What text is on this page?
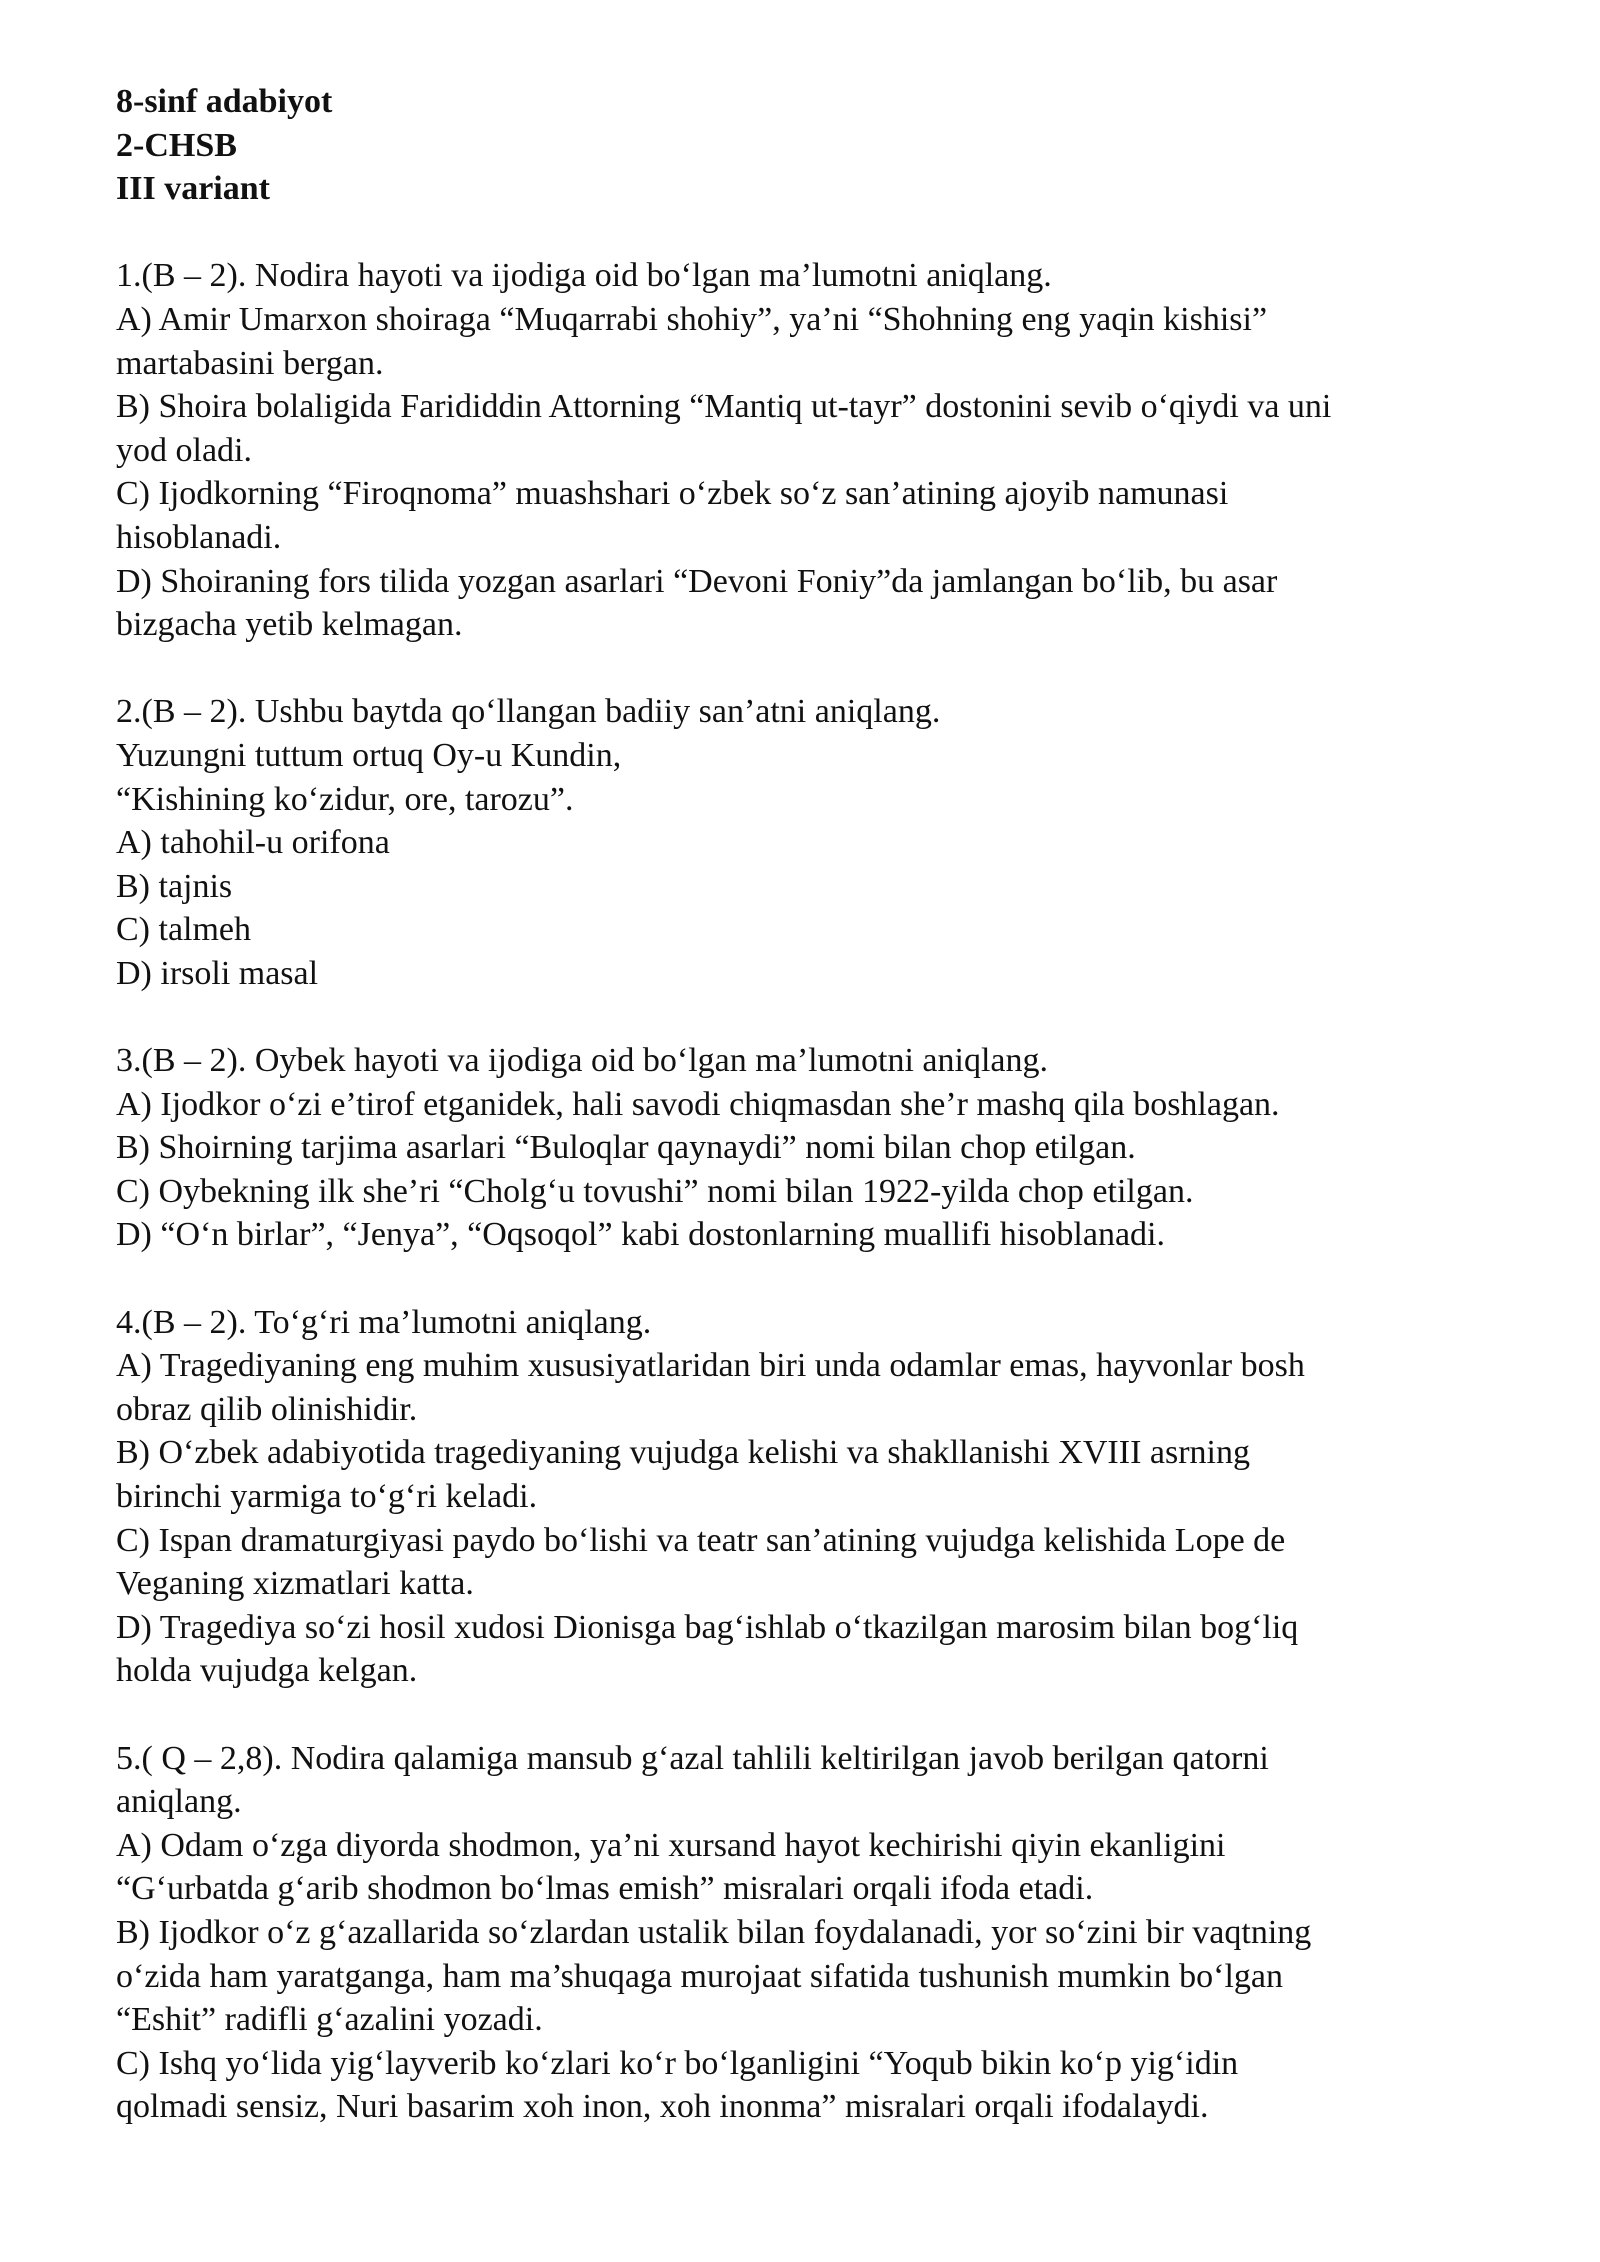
8-sinf adabiyot
2-CHSB
III variant
1.(B – 2). Nodira hayoti va ijodiga oid bo‘lgan ma’lumotni aniqlang.
A) Amir Umarxon shoiraga “Muqarrabi shohiy”, ya’ni “Shohning eng yaqin kishisi”
martabasini bergan.
B) Shoira bolaligida Farididdin Attorning “Mantiq ut-tayr” dostonini sevib o‘qiydi va uni
yod oladi.
C) Ijodkorning “Firoqnoma” muashshari o‘zbek so‘z san’atining ajoyib namunasi
hisoblanadi.
D) Shoiraning fors tilida yozgan asarlari “Devoni Foniy”da jamlangan bo‘lib, bu asar
bizgacha yetib kelmagan.
2.(B – 2). Ushbu baytda qo‘llangan badiiy san’atni aniqlang.
Yuzungni tuttum ortuq Oy-u Kundin,
“Kishining ko‘zidur, ore, tarozu”.
A) tahohil-u orifona
B) tajnis
C) talmeh
D) irsoli masal
3.(B – 2). Oybek hayoti va ijodiga oid bo‘lgan ma’lumotni aniqlang.
A) Ijodkor o‘zi e’tirof etganidek, hali savodi chiqmasdan she’r mashq qila boshlagan.
B) Shoirning tarjima asarlari “Buloqlar qaynaydi” nomi bilan chop etilgan.
C) Oybekning ilk she’ri “Cholg‘u tovushi” nomi bilan 1922-yilda chop etilgan.
D) “O‘n birlar”, “Jenya”, “Oqsoqol” kabi dostonlarning muallifi hisoblanadi.
4.(B – 2). To‘g‘ri ma’lumotni aniqlang.
A) Tragediyaning eng muhim xususiyatlaridan biri unda odamlar emas, hayvonlar bosh
obraz qilib olinishidir.
B) O‘zbek adabiyotida tragediyaning vujudga kelishi va shakllanishi XVIII asrning
birinchi yarmiga to‘g‘ri keladi.
C) Ispan dramaturgiyasi paydo bo‘lishi va teatr san’atining vujudga kelishida Lope de
Veganing xizmatlari katta.
D) Tragediya so‘zi hosil xudosi Dionisga bag‘ishlab o‘tkazilgan marosim bilan bog‘liq
holda vujudga kelgan.
5.( Q – 2,8). Nodira qalamiga mansub g‘azal tahlili keltirilgan javob berilgan qatorni
aniqlang.
A) Odam o‘zga diyorda shodmon, ya’ni xursand hayot kechirishi qiyin ekanligini
“G‘urbatda g‘arib shodmon bo‘lmas emish” misralari orqali ifoda etadi.
B) Ijodkor o‘z g‘azallarida so‘zlardan ustalik bilan foydalanadi, yor so‘zini bir vaqtning
o‘zida ham yaratganga, ham ma’shuqaga murojaat sifatida tushunish mumkin bo‘lgan
“Eshit” radifli g‘azalini yozadi.
C) Ishq yo‘lida yig‘layverib ko‘zlari ko‘r bo‘lganligini “Yoqub bikin ko‘p yig‘idin
qolmadi sensiz, Nuri basarim xoh inon, xoh inonma” misralari orqali ifodalaydi.
